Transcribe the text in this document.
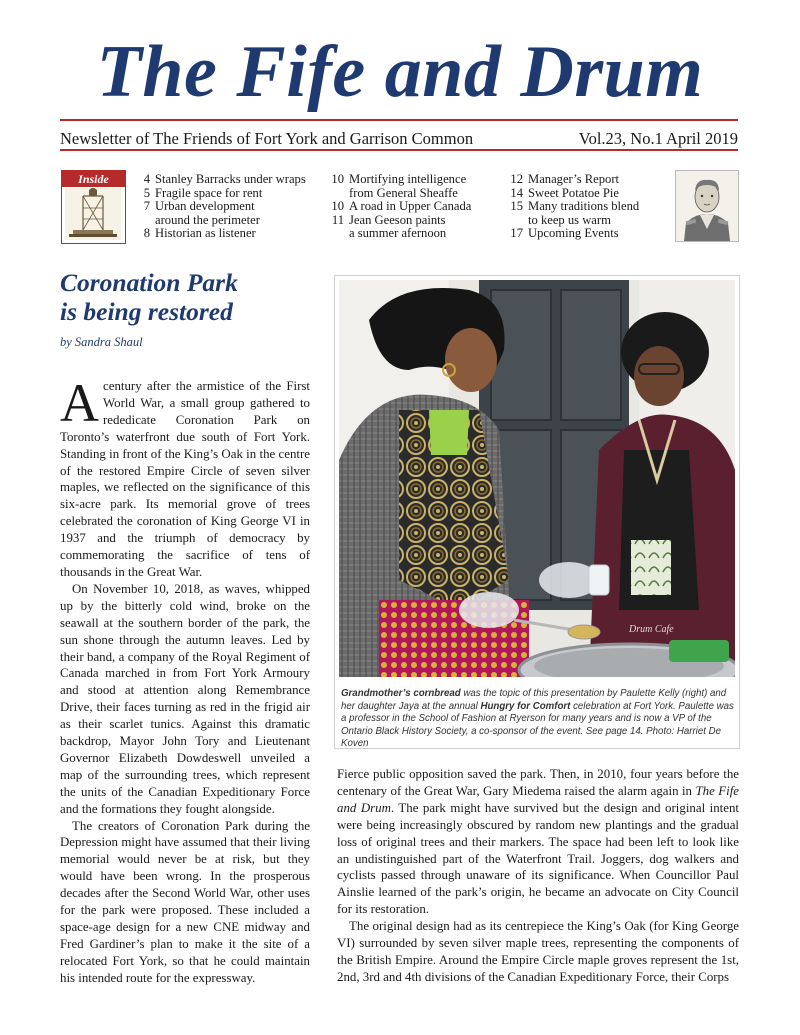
The Fife and Drum
Newsletter of The Friends of Fort York and Garrison Common	Vol.23, No.1 April 2019
Inside	4 Stanley Barracks under wraps
5 Fragile space for rent
7 Urban development
around the perimeter
8 Historian as listener
10 Mortifying intelligence
from General Sheaffe
10 A road in Upper Canada
11 Jean Geeson paints
a summer afernoon
12 Manager’s Report
14 Sweet Potatoe Pie
15 Many traditions blend
to keep us warm
17 Upcoming Events
Coronation Park
is being restored
by Sandra Shaul

Acentury after the armistice of the First World War, a small group gathered to rededicate Coronation Park on Toronto’s waterfront due south of Fort York. Standing in front of the King’s Oak in the centre of the restored Empire Circle of seven silver maples, we reflected on the significance of this six-acre park. Its memorial grove of trees celebrated the coronation of King George VI in 1937 and the triumph of democracy by commemorating the sacrifice of tens of thousands in the Great War.

On November 10, 2018, as waves, whipped up by the bitterly cold wind, broke on the seawall at the southern border of the park, the sun shone through the autumn leaves. Led by their band, a company of the Royal Regiment of Canada marched in from Fort York Armoury and stood at attention along Remembrance Drive, their faces turning as red in the frigid air as their scarlet tunics. Against this dramatic backdrop, Mayor John Tory and Lieutenant Governor Elizabeth Dowdeswell unveiled a map of the surrounding trees, which represent the units of the Canadian Expeditionary Force and the formations they fought alongside.

The creators of Coronation Park during the Depression might have assumed that their living memorial would never be at risk, but they would have been wrong. In the prosperous decades after the Second World War, other uses for the park were proposed. These included a space-age design for a new CNE midway and Fred Gardiner’s plan to make it the site of a relocated Fort York, so that he could maintain his intended route for the expressway.

Drum Cafe
Grandmother’s cornbread was the topic of this presentation by Paulette Kelly (right) and her daughter Jaya at the annual Hungry for Comfort celebration at Fort York. Paulette was a professor in the School of Fashion at Ryerson for many years and is now a VP of the Ontario Black History Society, a co-sponsor of the event. See page 14. Photo: Harriet De Koven

Fierce public opposition saved the park. Then, in 2010, four years before the centenary of the Great War, Gary Miedema raised the alarm again in The Fife and Drum. The park might have survived but the design and original intent were being increasingly obscured by random new plantings and the gradual loss of original trees and their markers. The space had been left to look like an undistinguished part of the Waterfront Trail. Joggers, dog walkers and cyclists passed through unaware of its significance. When Councillor Paul Ainslie learned of the park’s origin, he became an advocate on City Council for its restoration.

The original design had as its centrepiece the King’s Oak (for King George VI) surrounded by seven silver maple trees, representing the components of the British Empire. Around the Empire Circle maple groves represent the 1st, 2nd, 3rd and 4th divisions of the Canadian Expeditionary Force, their Corps
